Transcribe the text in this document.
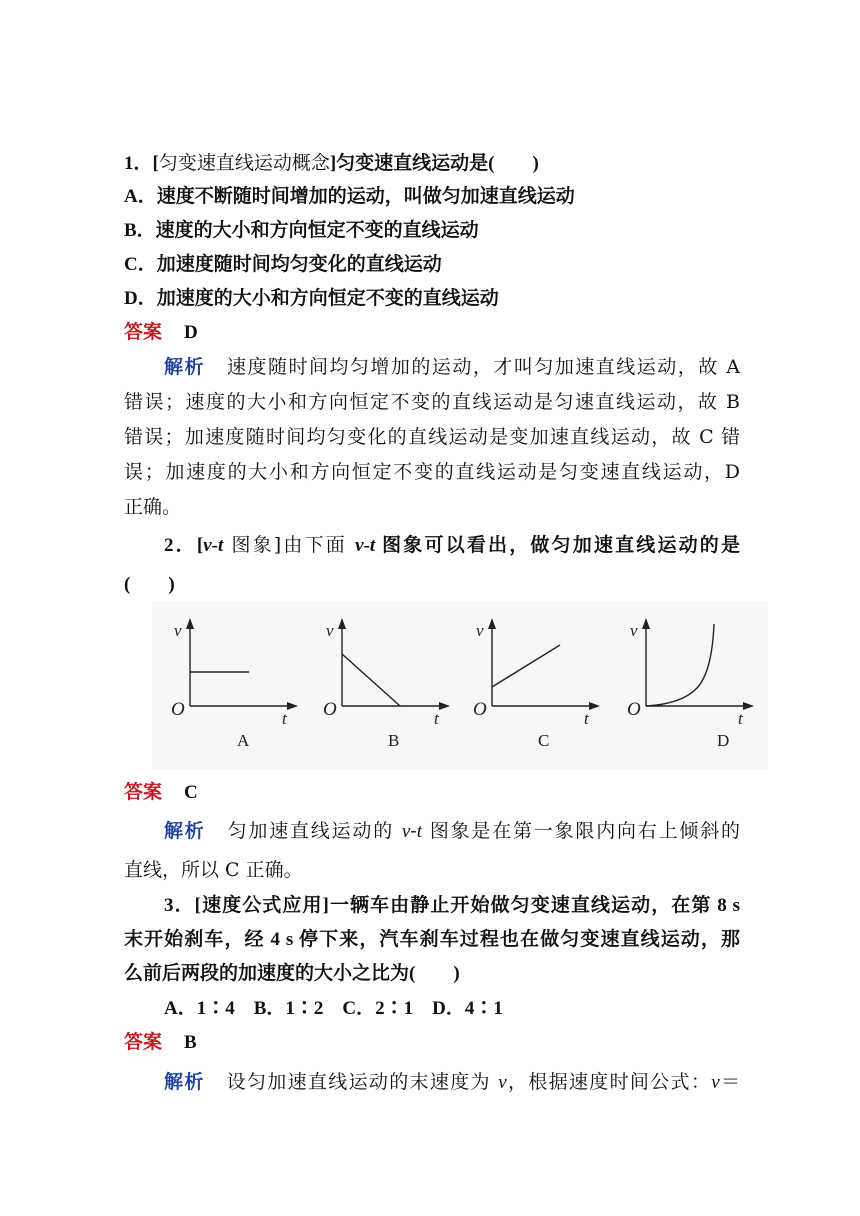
1．[匀变速直线运动概念]匀变速直线运动是(　　)
A．速度不断随时间增加的运动，叫做匀加速直线运动
B．速度的大小和方向恒定不变的直线运动
C．加速度随时间均匀变化的直线运动
D．加速度的大小和方向恒定不变的直线运动
答案 D
解析 速度随时间均匀增加的运动，才叫匀加速直线运动，故 A
错误；速度的大小和方向恒定不变的直线运动是匀速直线运动，故 B
错误；加速度随时间均匀变化的直线运动是变加速直线运动，故 C 错
误；加速度的大小和方向恒定不变的直线运动是匀变速直线运动，D
正确。
2．[v-t 图象]由下面 v-t 图象可以看出，做匀加速直线运动的是
(　　)
v
O	t
A
v
O	t
B
v
O	t
C
v
O	t
D
答案 C
解析 匀加速直线运动的 v-t 图象是在第一象限内向右上倾斜的
直线，所以 C 正确。
3．[速度公式应用]一辆车由静止开始做匀变速直线运动，在第 8 s
末开始刹车，经 4 s 停下来，汽车刹车过程也在做匀变速直线运动，那
么前后两段的加速度的大小之比为(　　)
A．1∶4　B．1∶2　C．2∶1　D．4∶1
答案 B
解析 设匀加速直线运动的末速度为 v，根据速度时间公式：v＝
